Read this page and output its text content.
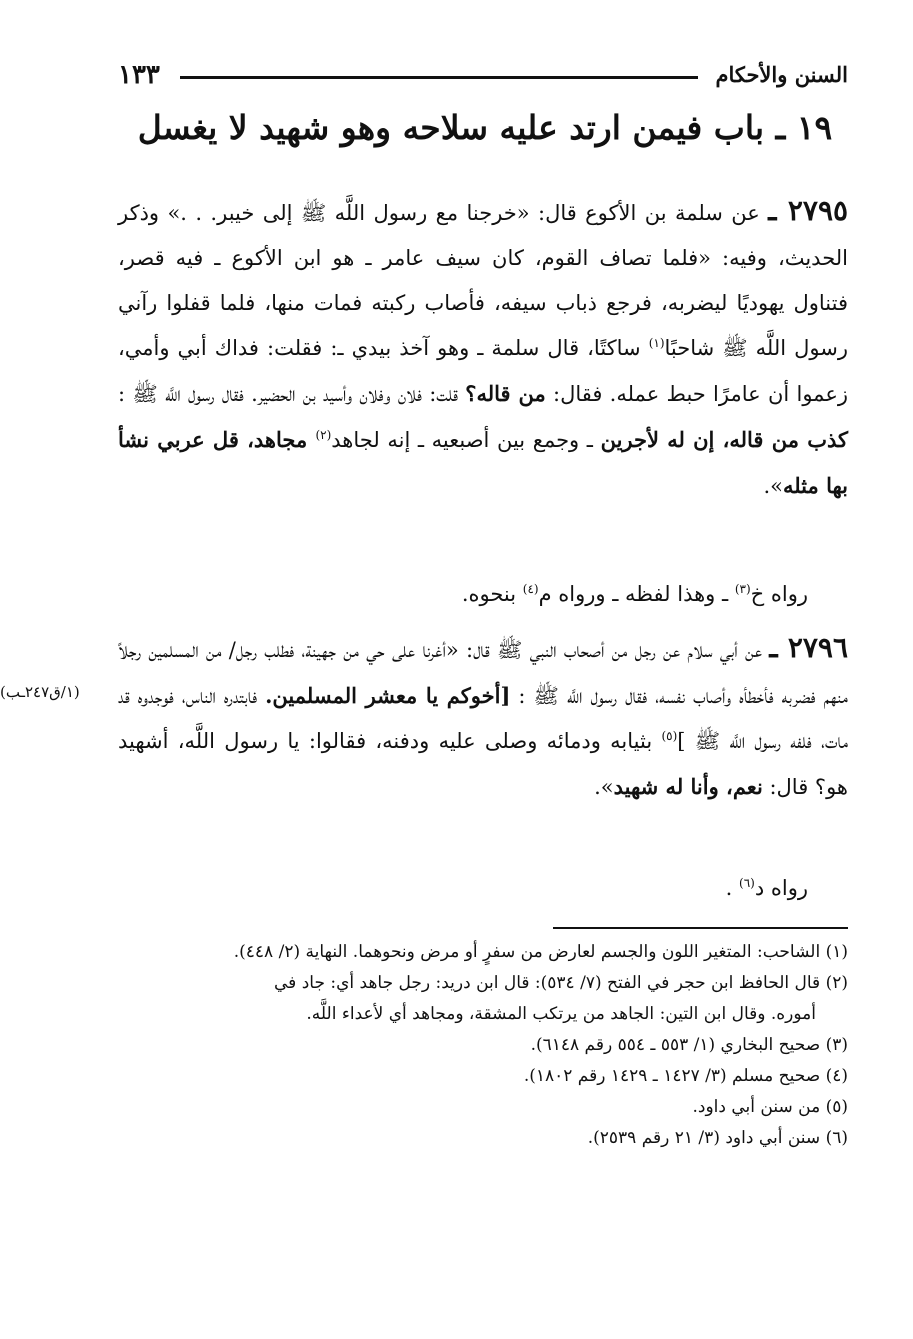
السنن والأحكام
١٣٣
١٩ ـ باب فيمن ارتد عليه سلاحه وهو شهيد لا يغسل
٢٧٩٥ ـ عن سلمة بن الأكوع قال: «خرجنا مع رسول اللَّه ﷺ إلى خيبر. . .» وذكر الحديث، وفيه: «فلما تصاف القوم، كان سيف عامر ـ هو ابن الأكوع ـ فيه قصر، فتناول يهوديًا ليضربه، فرجع ذباب سيفه، فأصاب ركبته فمات منها، فلما قفلوا رآني رسول اللَّه ﷺ شاحبًا$^{(١)}$ ساكتًا، قال سلمة ـ وهو آخذ بيدي ـ: فقلت: فداك أبي وأمي، زعموا أن عامرًا حبط عمله. فقال: من قاله؟ قلت: فلان وفلان وأسيد بن الحضير. فقال رسول اللَّه ﷺ : كذب من قاله، إن له لأجرين ـ وجمع بين أصبعيه ـ إنه لجاهد$^{(٢)}$ مجاهد، قل عربي نشأ بها مثله».
رواه خ$^{(٣)}$ ـ وهذا لفظه ـ ورواه م$^{(٤)}$ بنحوه.
٢٧٩٦ ـ عن أبي سلام عن رجل من أصحاب النبي ﷺ قال: «أغرنا على حي من جهينة، فطلب رجل/ من المسلمين رجلاً منهم فضربه فأخطأه وأصاب نفسه، فقال رسول اللَّه ﷺ : [أخوكم يا معشر المسلمين. فابتدره الناس، فوجدوه قد مات، فلفه رسول اللَّه ﷺ ]$^{(٥)}$ بثيابه ودمائه وصلى عليه ودفنه، فقالوا: يا رسول اللَّه، أشهيد هو؟ قال: نعم، وأنا له شهيد».
(١/ق٢٤٧ـب)
رواه د$^{(٦)}$ .
(١) الشاحب: المتغير اللون والجسم لعارض من سفرٍ أو مرض ونحوهما. النهاية (٢/ ٤٤٨).
(٢) قال الحافظ ابن حجر في الفتح (٧/ ٥٣٤): قال ابن دريد: رجل جاهد أي: جاد في
أموره. وقال ابن التين: الجاهد من يرتكب المشقة، ومجاهد أي لأعداء اللَّه.
(٣) صحيح البخاري (١/ ٥٥٣ ـ ٥٥٤ رقم ٦١٤٨).
(٤) صحيح مسلم (٣/ ١٤٢٧ ـ ١٤٢٩ رقم ١٨٠٢).
(٥) من سنن أبي داود.
(٦) سنن أبي داود (٣/ ٢١ رقم ٢٥٣٩).
